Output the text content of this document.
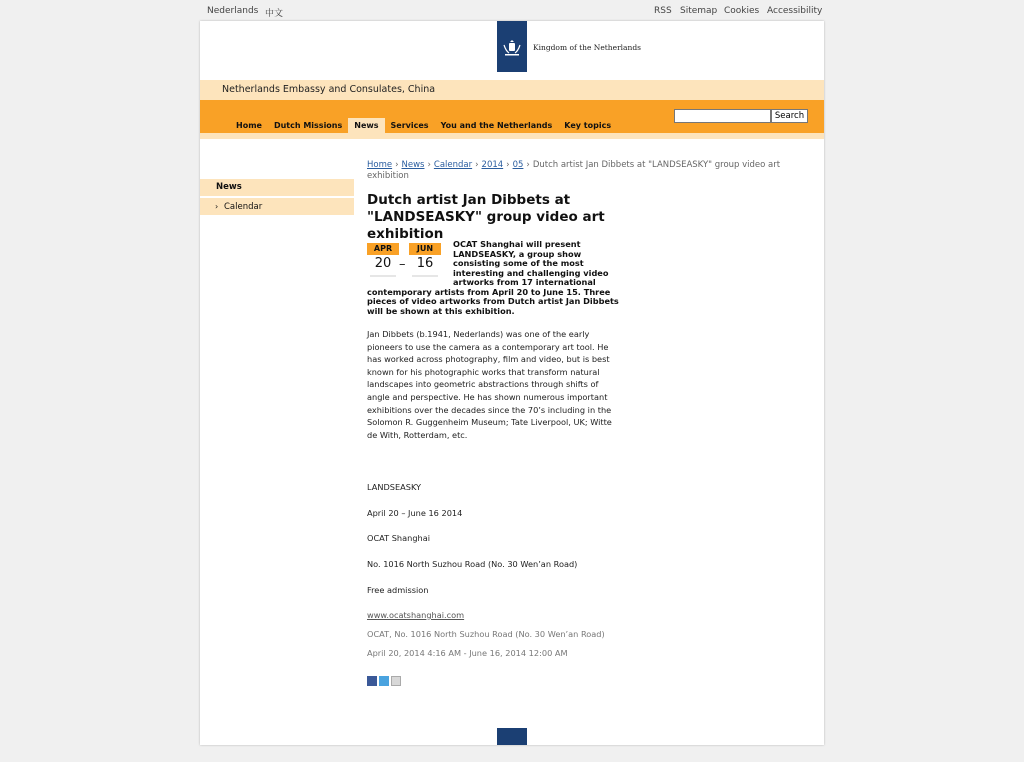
Nederlands 中文	RSS Sitemap Cookies Accessibility
Kingdom of the Netherlands
Netherlands Embassy and Consulates, China
Search
Home	Dutch Missions	News	Services	You and the Netherlands	Key topics
News
› Calendar
Home › News › Calendar › 2014 › 05 › Dutch artist Jan Dibbets at "LANDSEASKY" group video art exhibition
Dutch artist Jan Dibbets at "LANDSEASKY" group video art exhibition
APR
20 –
JUN
16

OCAT Shanghai will present LANDSEASKY, a group show consisting some of the most interesting and challenging video artworks from 17 international contemporary artists from April 20 to June 15. Three pieces of video artworks from Dutch artist Jan Dibbets will be shown at this exhibition.

Jan Dibbets (b.1941, Nederlands) was one of the early pioneers to use the camera as a contemporary art tool. He has worked across photography, film and video, but is best known for his photographic works that transform natural landscapes into geometric abstractions through shifts of angle and perspective. He has shown numerous important exhibitions over the decades since the 70’s including in the Solomon R. Guggenheim Museum; Tate Liverpool, UK; Witte de With, Rotterdam, etc.

LANDSEASKY
April 20 – June 16 2014
OCAT Shanghai
No. 1016 North Suzhou Road (No. 30 Wen’an Road)
Free admission
www.ocatshanghai.com
OCAT, No. 1016 North Suzhou Road (No. 30 Wen’an Road)
April 20, 2014 4:16 AM - June 16, 2014 12:00 AM
